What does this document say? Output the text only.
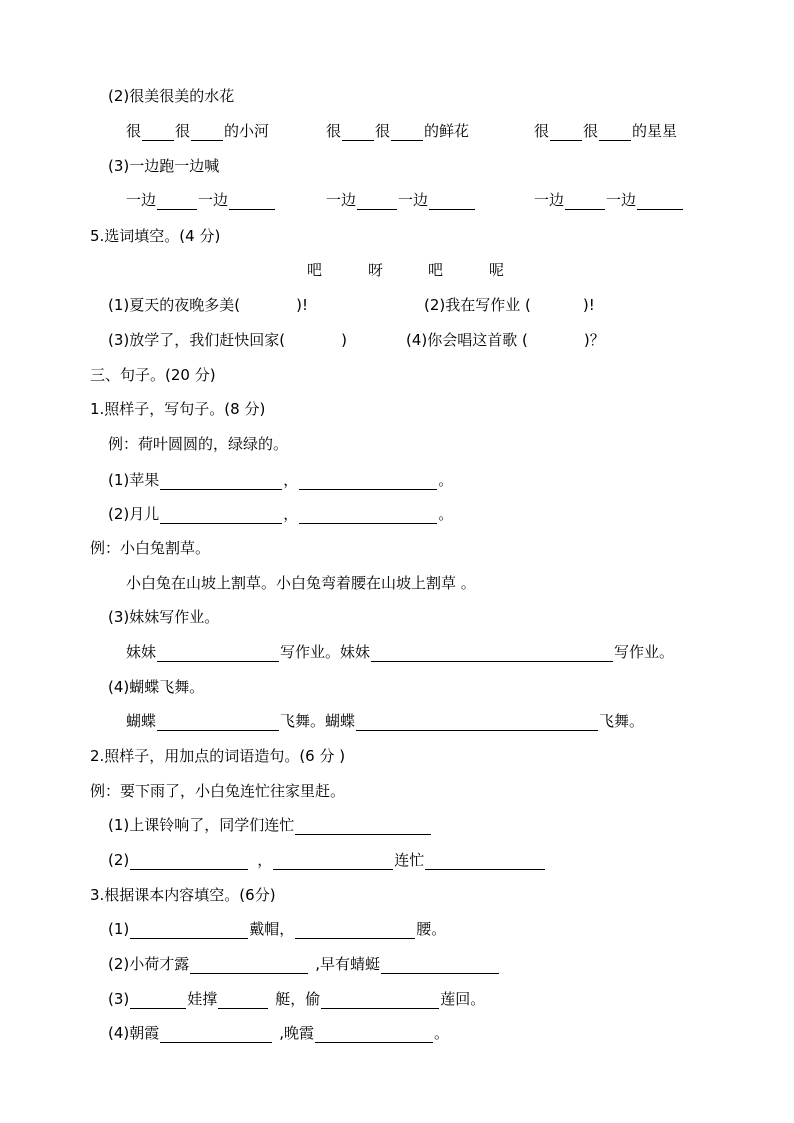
(2)很美很美的水花
很 很 的小河	很 很 的鲜花	很 很 的星星
(3)一边跑一边喊
一边	一边	一边	一边	一边	一边
5.选词填空。(4 分)
吧	呀	吧	呢
(1)夏天的夜晚多美(	)!	(2)我在写作业 (	)!
(3)放学了，我们赶快回家(	)	(4)你会唱这首歌 (	)？
三、句子。(20 分)
1.照样子，写句子。(8 分)
例：荷叶圆圆的，绿绿的。
(1)苹果	，	。
(2)月儿	，	。
例：小白兔割草。
小白兔在山坡上割草。小白兔弯着腰在山坡上割草 。
(3)妹妹写作业。
妹妹	写作业。妹妹	写作业。
(4)蝴蝶飞舞。
蝴蝶	飞舞。蝴蝶	飞舞。
2.照样子，用加点的词语造句。(6 分 )
例：要下雨了，小白兔连忙往家里赶。
(1)上课铃响了，同学们连忙
(2)	，	连忙
3.根据课本内容填空。(6分)
(1)	戴帽，	腰。
(2)小荷才露	,早有蜻蜓
(3)	娃撑	艇，偷	莲回。
(4)朝霞	,晚霞	。
